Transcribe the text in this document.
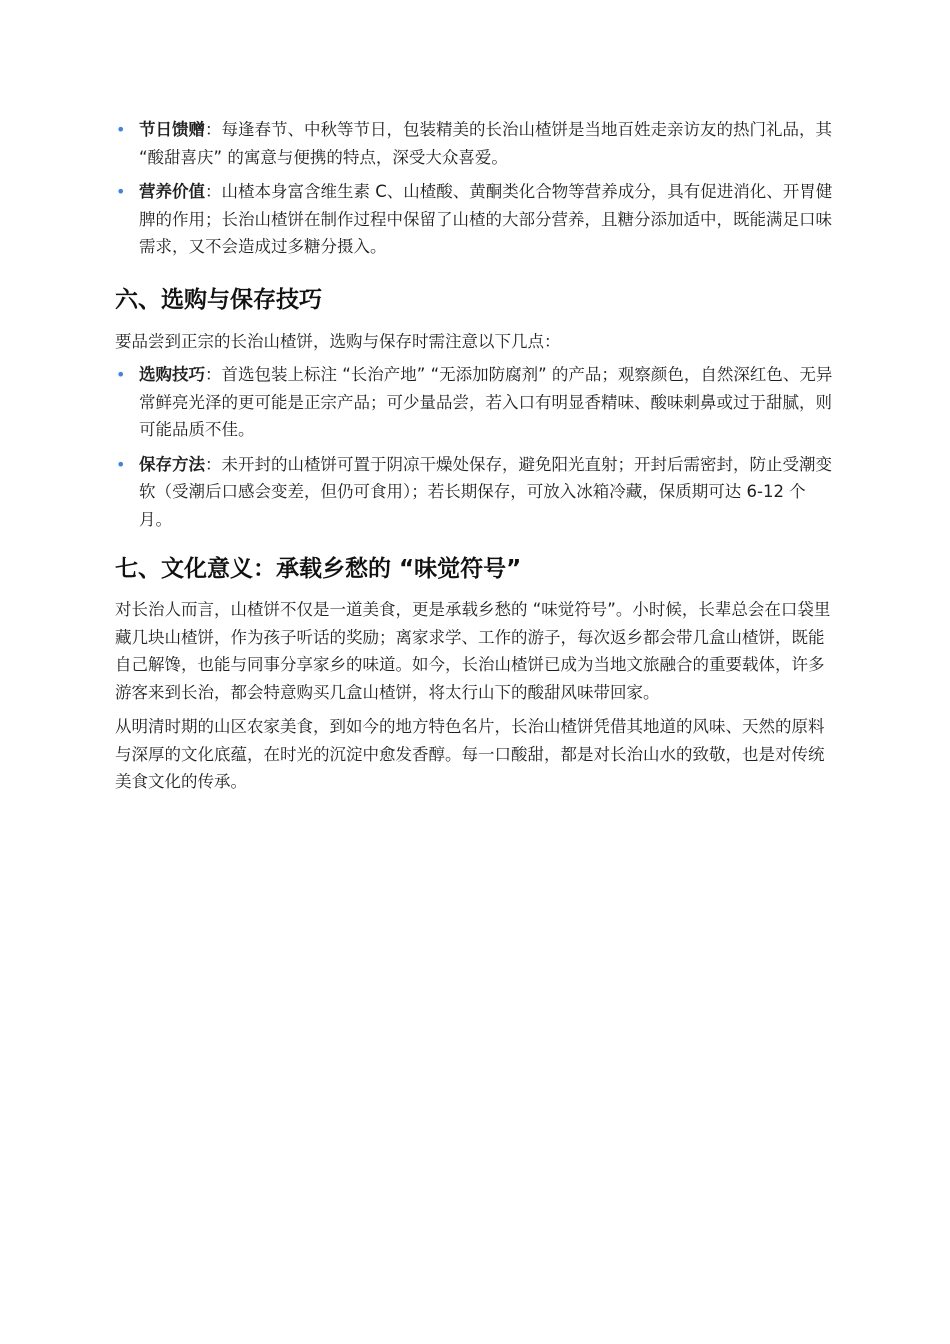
• 节日馈赠：每逢春节、中秋等节日，包装精美的长治山楂饼是当地百姓走亲访友的热门礼品，其 “酸甜喜庆” 的寓意与便携的特点，深受大众喜爱。
• 营养价值：山楂本身富含维生素 C、山楂酸、黄酮类化合物等营养成分，具有促进消化、开胃健脾的作用；长治山楂饼在制作过程中保留了山楂的大部分营养，且糖分添加适中，既能满足口味需求，又不会造成过多糖分摄入。
六、选购与保存技巧

要品尝到正宗的长治山楂饼，选购与保存时需注意以下几点：

• 选购技巧：首选包装上标注 “长治产地” “无添加防腐剂” 的产品；观察颜色，自然深红色、无异常鲜亮光泽的更可能是正宗产品；可少量品尝，若入口有明显香精味、酸味刺鼻或过于甜腻，则可能品质不佳。
• 保存方法：未开封的山楂饼可置于阴凉干燥处保存，避免阳光直射；开封后需密封，防止受潮变软（受潮后口感会变差，但仍可食用）；若长期保存，可放入冰箱冷藏，保质期可达 6-12 个月。
七、文化意义：承载乡愁的 “味觉符号”

对长治人而言，山楂饼不仅是一道美食，更是承载乡愁的 “味觉符号”。小时候，长辈总会在口袋里藏几块山楂饼，作为孩子听话的奖励；离家求学、工作的游子，每次返乡都会带几盒山楂饼，既能自己解馋，也能与同事分享家乡的味道。如今，长治山楂饼已成为当地文旅融合的重要载体，许多游客来到长治，都会特意购买几盒山楂饼，将太行山下的酸甜风味带回家。

从明清时期的山区农家美食，到如今的地方特色名片，长治山楂饼凭借其地道的风味、天然的原料与深厚的文化底蕴，在时光的沉淀中愈发香醇。每一口酸甜，都是对长治山水的致敬，也是对传统美食文化的传承。
